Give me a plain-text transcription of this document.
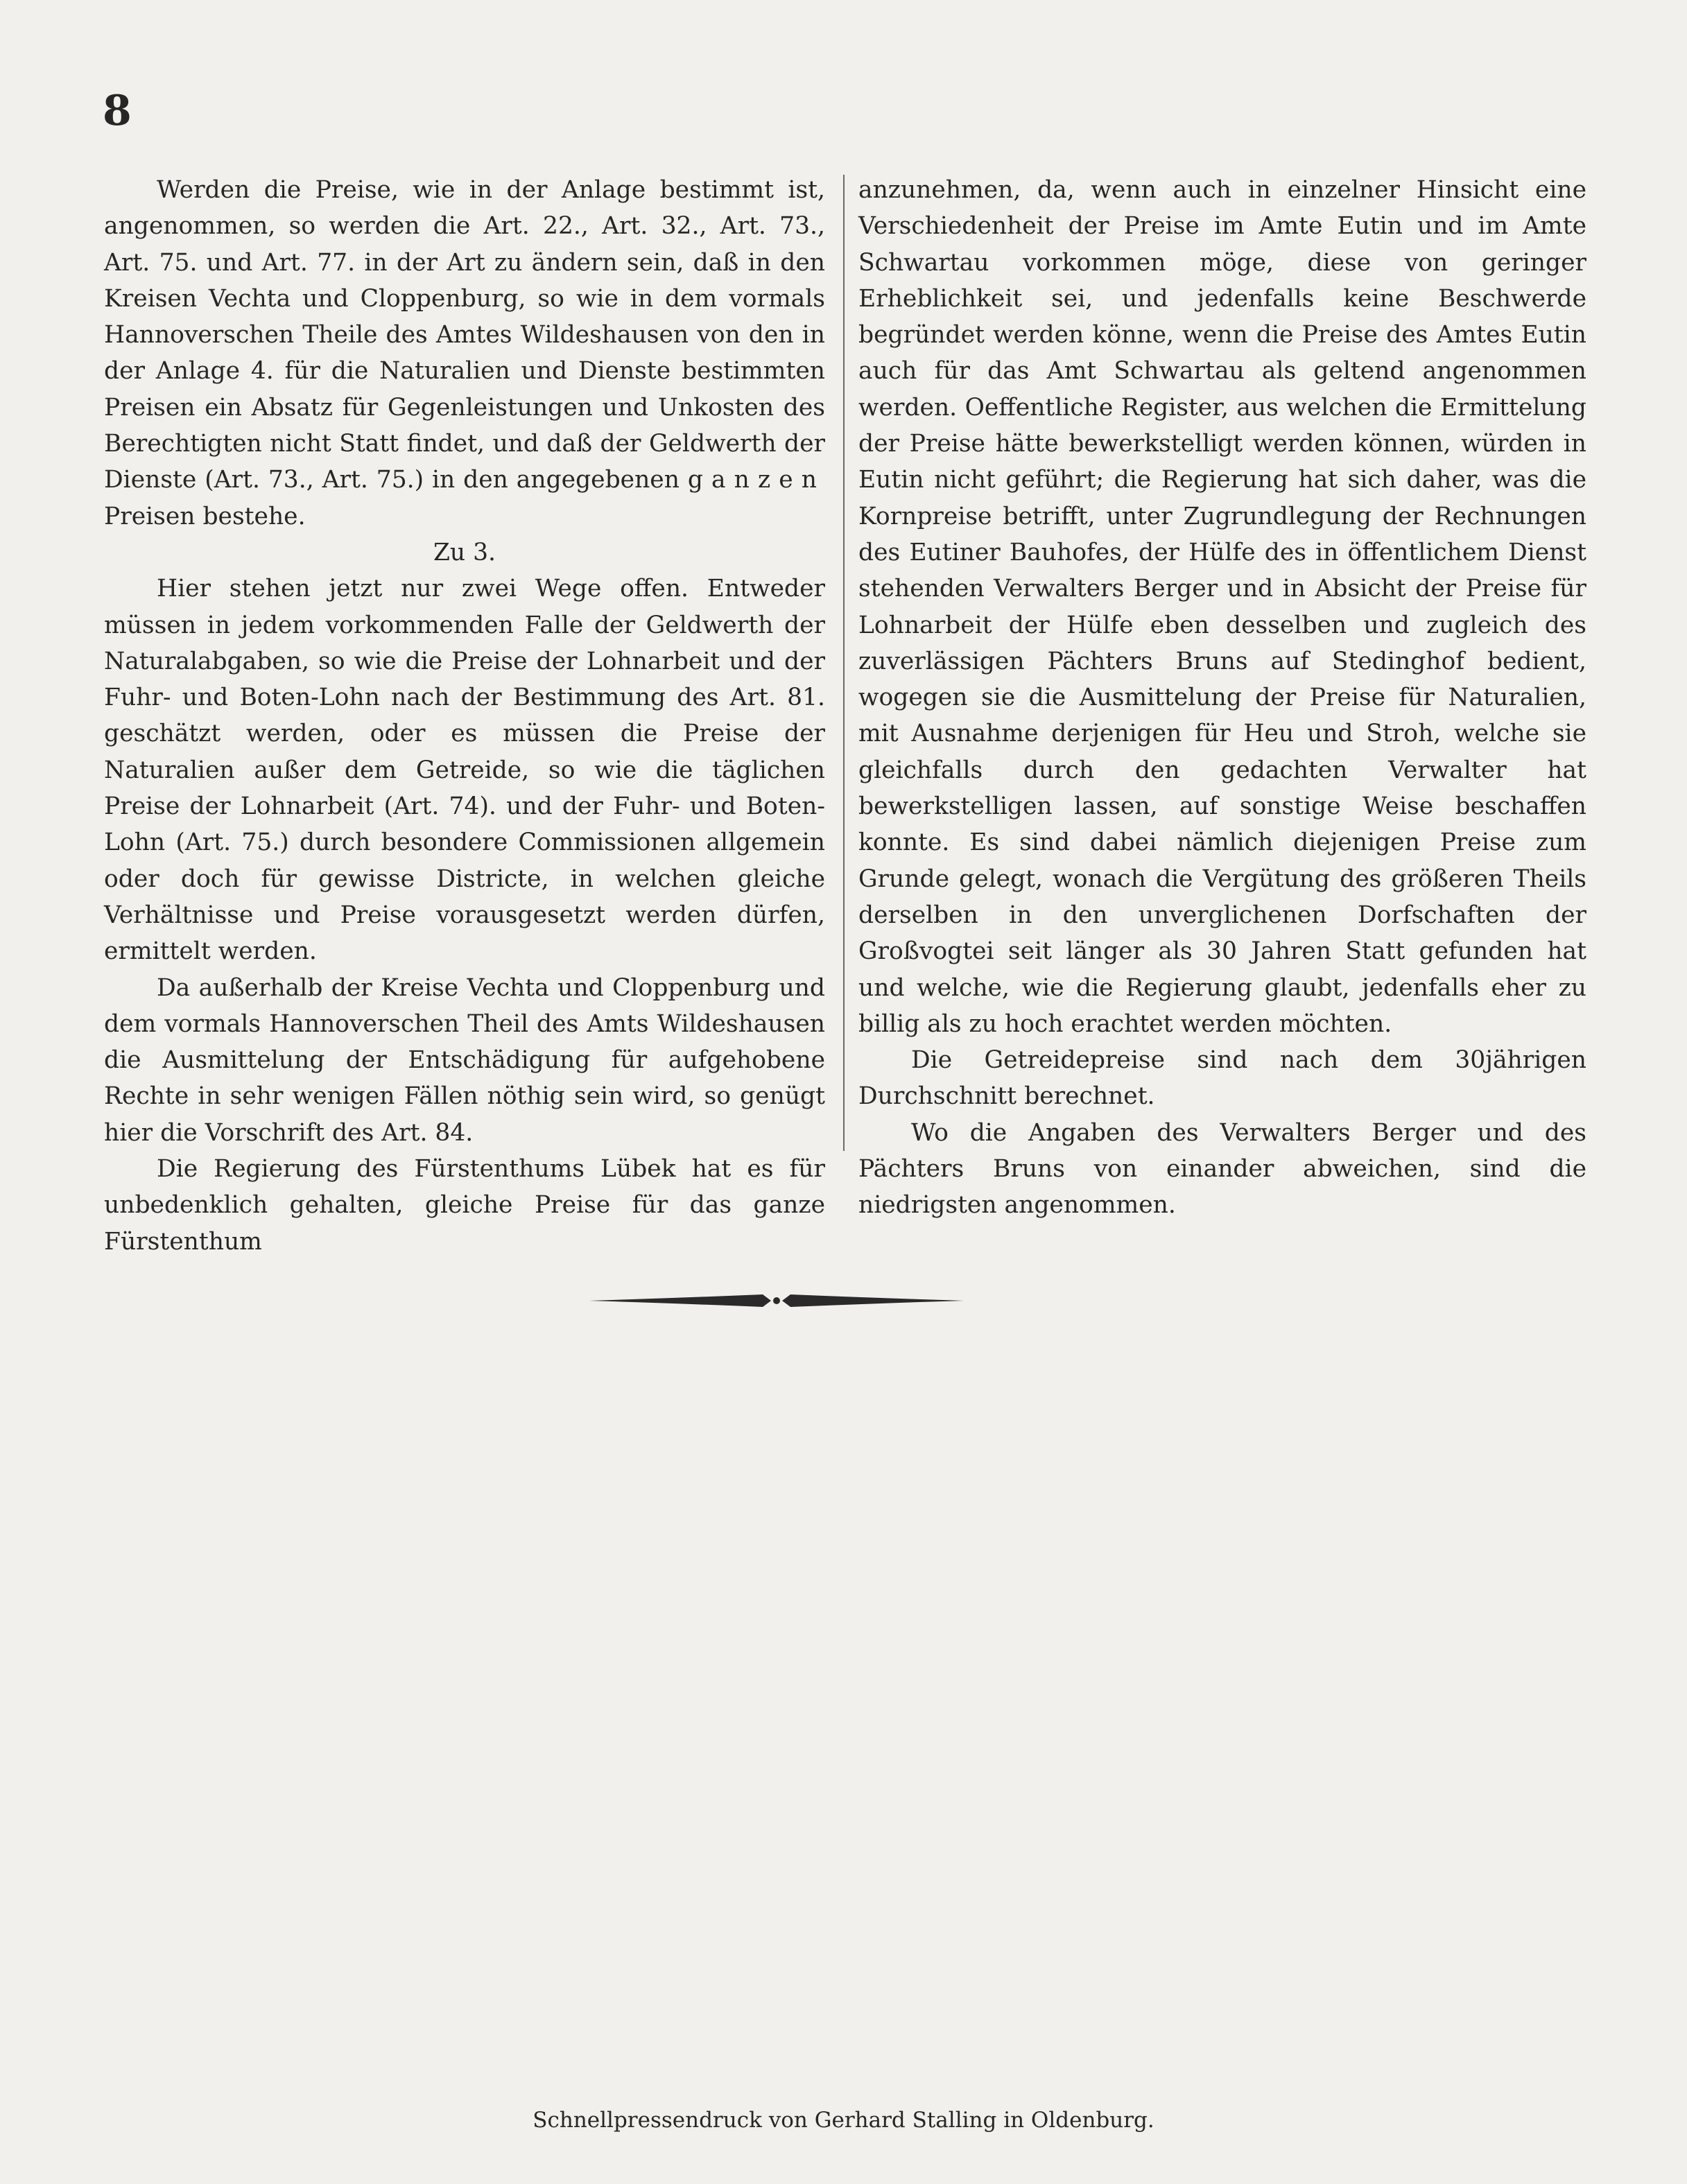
8

Werden die Preise, wie in der Anlage bestimmt ist, angenommen, so werden die Art. 22., Art. 32., Art. 73., Art. 75. und Art. 77. in der Art zu ändern sein, daß in den Kreisen Vechta und Cloppenburg, so wie in dem vormals Hannoverschen Theile des Amtes Wildeshausen von den in der Anlage 4. für die Naturalien und Dienste bestimmten Preisen ein Absatz für Gegenleistungen und Unkosten des Berechtigten nicht Statt findet, und daß der Geldwerth der Dienste (Art. 73., Art. 75.) in den angegebenen ganzen Preisen bestehe.

Zu 3.

Hier stehen jetzt nur zwei Wege offen. Entweder müssen in jedem vorkommenden Falle der Geldwerth der Naturalabgaben, so wie die Preise der Lohnarbeit und der Fuhr- und Boten-Lohn nach der Bestimmung des Art. 81. geschätzt werden, oder es müssen die Preise der Naturalien außer dem Getreide, so wie die täglichen Preise der Lohnarbeit (Art. 74). und der Fuhr- und Boten-Lohn (Art. 75.) durch besondere Commissionen allgemein oder doch für gewisse Districte, in welchen gleiche Verhältnisse und Preise vorausgesetzt werden dürfen, ermittelt werden.

Da außerhalb der Kreise Vechta und Cloppenburg und dem vormals Hannoverschen Theil des Amts Wildeshausen die Ausmittelung der Entschädigung für aufgehobene Rechte in sehr wenigen Fällen nöthig sein wird, so genügt hier die Vorschrift des Art. 84.

Die Regierung des Fürstenthums Lübek hat es für unbedenklich gehalten, gleiche Preise für das ganze Fürstenthum

anzunehmen, da, wenn auch in einzelner Hinsicht eine Verschiedenheit der Preise im Amte Eutin und im Amte Schwartau vorkommen möge, diese von geringer Erheblichkeit sei, und jedenfalls keine Beschwerde begründet werden könne, wenn die Preise des Amtes Eutin auch für das Amt Schwartau als geltend angenommen werden. Oeffentliche Register, aus welchen die Ermittelung der Preise hätte bewerkstelligt werden können, würden in Eutin nicht geführt; die Regierung hat sich daher, was die Kornpreise betrifft, unter Zugrundlegung der Rechnungen des Eutiner Bauhofes, der Hülfe des in öffentlichem Dienst stehenden Verwalters Berger und in Absicht der Preise für Lohnarbeit der Hülfe eben desselben und zugleich des zuverlässigen Pächters Bruns auf Stedinghof bedient, wogegen sie die Ausmittelung der Preise für Naturalien, mit Ausnahme derjenigen für Heu und Stroh, welche sie gleichfalls durch den gedachten Verwalter hat bewerkstelligen lassen, auf sonstige Weise beschaffen konnte. Es sind dabei nämlich diejenigen Preise zum Grunde gelegt, wonach die Vergütung des größeren Theils derselben in den unverglichenen Dorfschaften der Großvogtei seit länger als 30 Jahren Statt gefunden hat und welche, wie die Regierung glaubt, jedenfalls eher zu billig als zu hoch erachtet werden möchten.

Die Getreidepreise sind nach dem 30jährigen Durchschnitt berechnet.

Wo die Angaben des Verwalters Berger und des Pächters Bruns von einander abweichen, sind die niedrigsten angenommen.

Schnellpressendruck von Gerhard Stalling in Oldenburg.
